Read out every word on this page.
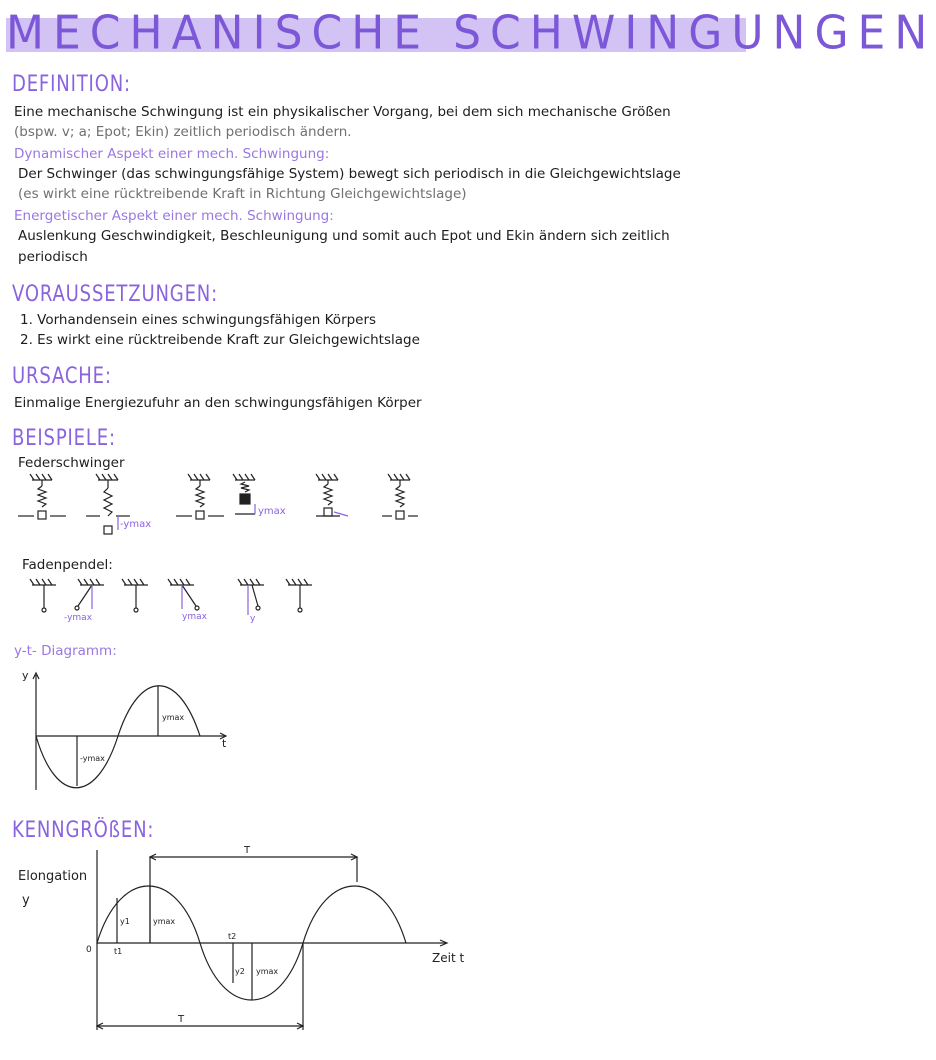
MECHANISCHE SCHWINGUNGEN
DEFINITION:
Eine mechanische Schwingung ist ein physikalischer Vorgang, bei dem sich mechanische Größen
(bspw. v; a; Epot; Ekin) zeitlich periodisch ändern.
Dynamischer Aspekt einer mech. Schwingung:
Der Schwinger (das schwingungsfähige System) bewegt sich periodisch in die Gleichgewichtslage
(es wirkt eine rücktreibende Kraft in Richtung Gleichgewichtslage)
Energetischer Aspekt einer mech. Schwingung:
Auslenkung Geschwindigkeit, Beschleunigung und somit auch Epot und Ekin ändern sich zeitlich
periodisch
VORAUSSETZUNGEN:
1. Vorhandensein eines schwingungsfähigen Körpers
2. Es wirkt eine rücktreibende Kraft zur Gleichgewichtslage
URSACHE:
Einmalige Energiezufuhr an den schwingungsfähigen Körper
BEISPIELE:
Federschwinger
-ymax
ymax
Fadenpendel:
-ymax	ymax	y
y-t- Diagramm:
y
t
ymax
-ymax
KENNGRÖßEN:
Elongation
y
Zeit t
0
T
T
y1	ymax
t1
t2
y2 ymax
